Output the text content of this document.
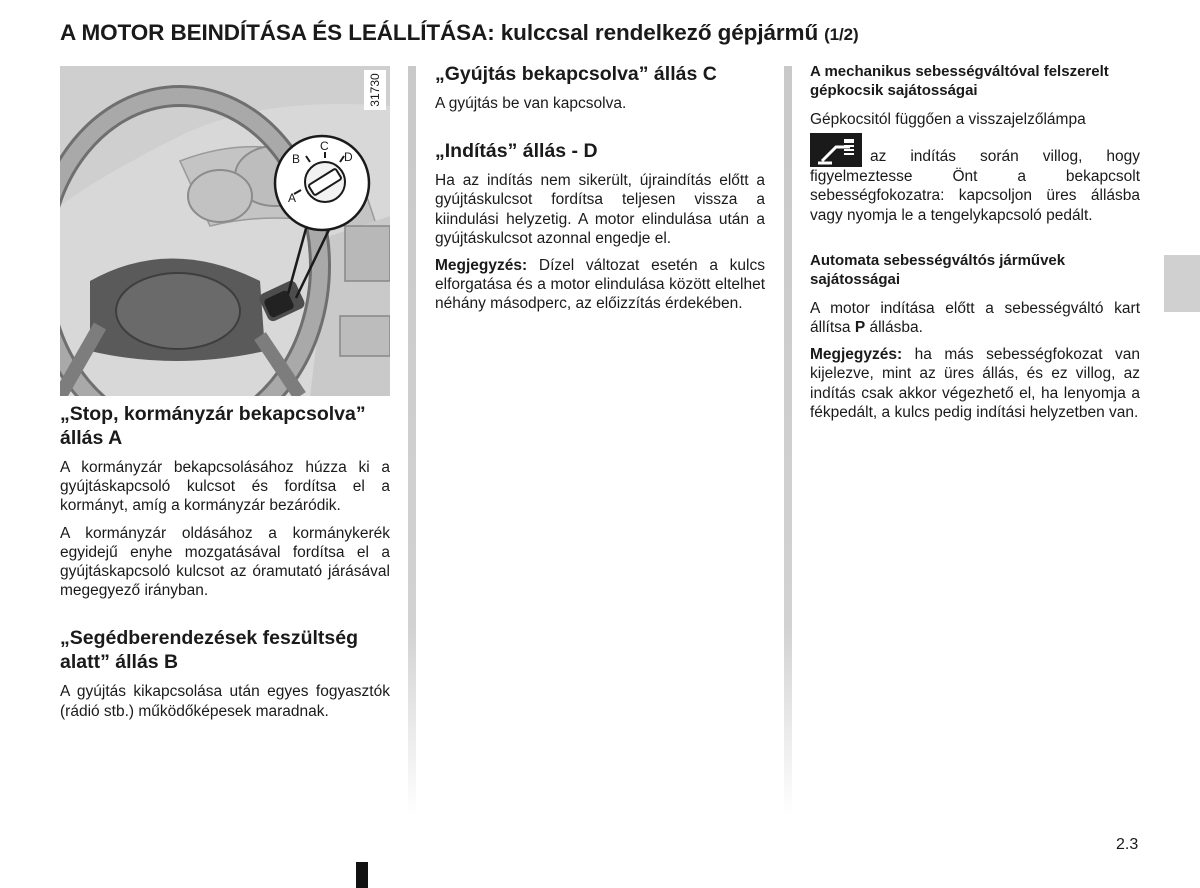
A MOTOR BEINDÍTÁSA ÉS LEÁLLÍTÁSA: kulccsal rendelkező gépjármű (1/2)
A
B
C
D
31730
„Stop, kormányzár bekapcsolva” állás A

A kormányzár bekapcsolásához húzza ki a gyújtáskapcsoló kulcsot és fordítsa el a kormányt, amíg a kormányzár bezáródik.

A kormányzár oldásához a kormánykerék egyidejű enyhe mozgatásával fordítsa el a gyújtáskapcsoló kulcsot az óramutató járásával megegyező irányban.

„Segédberendezések feszültség alatt” állás B

A gyújtás kikapcsolása után egyes fogyasztók (rádió stb.) működőképesek maradnak.

„Gyújtás bekapcsolva” állás C

A gyújtás be van kapcsolva.

„Indítás” állás - D

Ha az indítás nem sikerült, újraindítás előtt a gyújtáskulcsot fordítsa teljesen vissza a kiindulási helyzetig. A motor elindulása után a gyújtáskulcsot azonnal engedje el.

Megjegyzés: Dízel változat esetén a kulcs elforgatása és a motor elindulása között eltelhet néhány másodperc, az előizzítás érdekében.

A mechanikus sebességváltóval felszerelt gépkocsik sajátosságai

Gépkocsitól függően a visszajelzőlámpa

az indítás során villog, hogy figyelmeztesse Önt a bekapcsolt sebességfokozatra: kapcsoljon üres állásba vagy nyomja le a tengelykapcsoló pedált.

Automata sebességváltós járművek sajátosságai

A motor indítása előtt a sebességváltó kart állítsa P állásba.

Megjegyzés: ha más sebességfokozat van kijelezve, mint az üres állás, és ez villog, az indítás csak akkor végezhető el, ha lenyomja a fékpedált, a kulcs pedig indítási helyzetben van.

2.3
